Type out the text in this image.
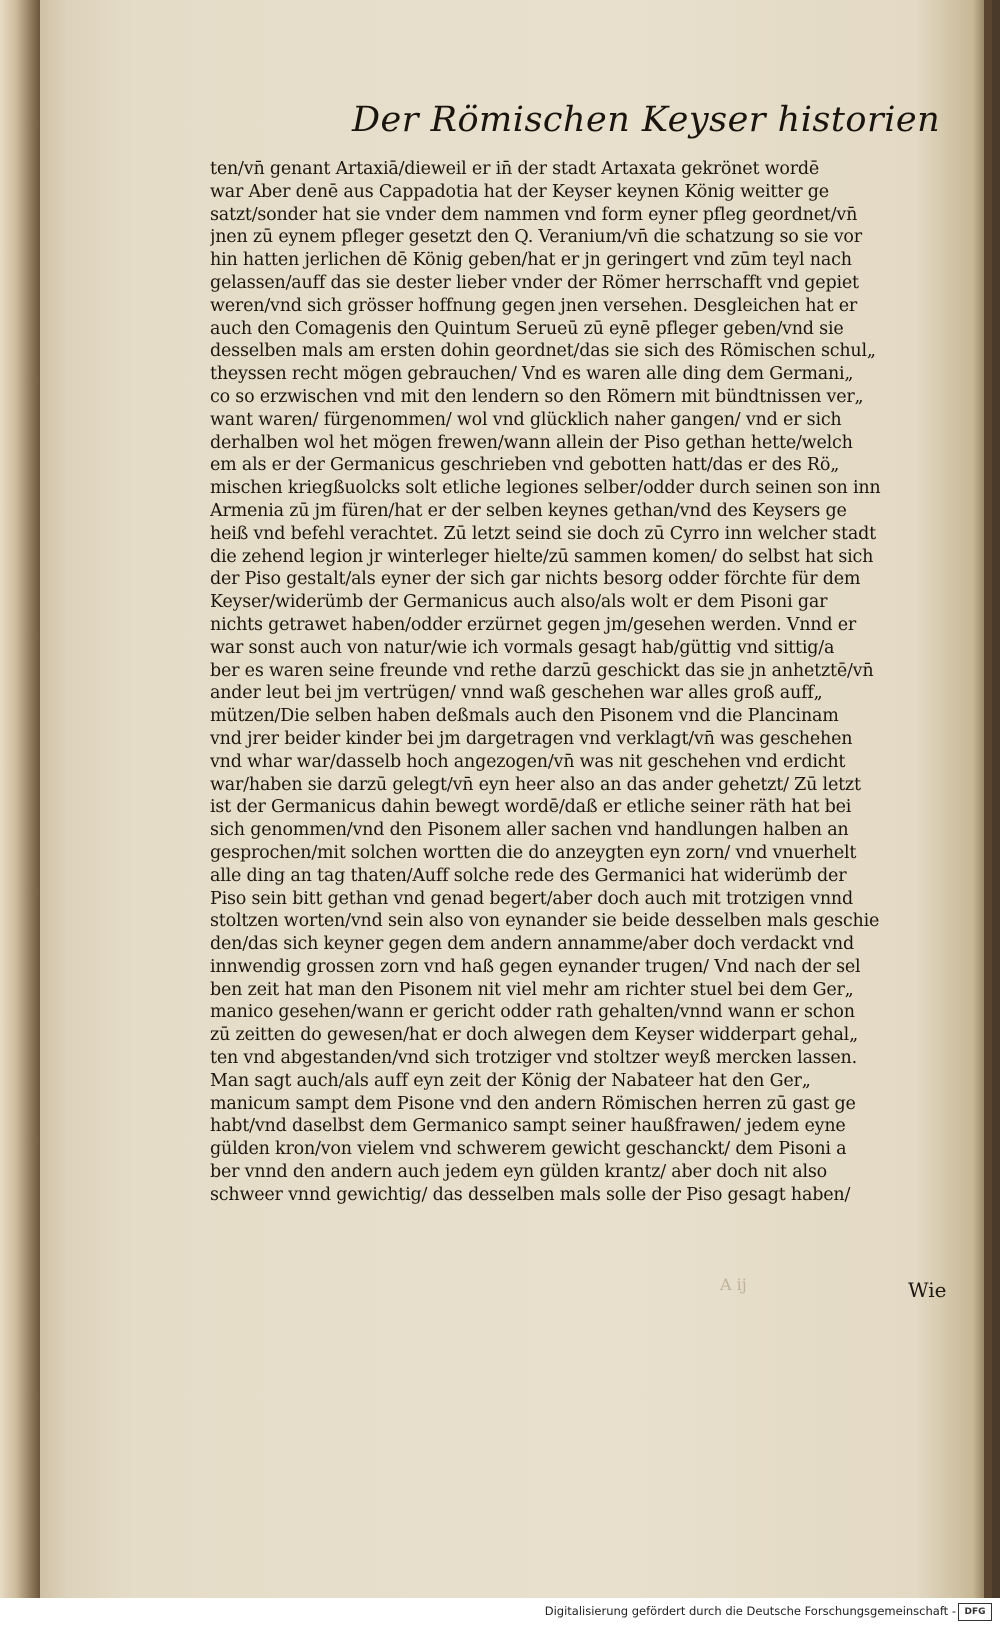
Der Römischen Keyser historien
ten/vn̄ genant Artaxiā/dieweil er in̄ der stadt Artaxata gekrönet wordē
war Aber denē aus Cappadotia hat der Keyser keynen König weitter ge
satzt/sonder hat sie vnder dem nammen vnd form eyner pfleg geordnet/vn̄
jnen zū eynem pfleger gesetzt den Q. Veranium/vn̄ die schatzung so sie vor
hin hatten jerlichen dē König geben/hat er jn geringert vnd zūm teyl nach
gelassen/auff das sie dester lieber vnder der Römer herrschafft vnd gepiet
weren/vnd sich grösser hoffnung gegen jnen versehen. Desgleichen hat er
auch den Comagenis den Quintum Serueū zū eynē pfleger geben/vnd sie
desselben mals am ersten dohin geordnet/das sie sich des Römischen schul„
theyssen recht mögen gebrauchen/ Vnd es waren alle ding dem Germani„
co so erzwischen vnd mit den lendern so den Römern mit bündtnissen ver„
want waren/ fürgenommen/ wol vnd glücklich naher gangen/ vnd er sich
derhalben wol het mögen frewen/wann allein der Piso gethan hette/welch
em als er der Germanicus geschrieben vnd gebotten hatt/das er des Rö„
mischen kriegßuolcks solt etliche legiones selber/odder durch seinen son inn
Armenia zū jm füren/hat er der selben keynes gethan/vnd des Keysers ge
heiß vnd befehl verachtet. Zū letzt seind sie doch zū Cyrro inn welcher stadt
die zehend legion jr winterleger hielte/zū sammen komen/ do selbst hat sich
der Piso gestalt/als eyner der sich gar nichts besorg odder förchte für dem
Keyser/widerümb der Germanicus auch also/als wolt er dem Pisoni gar
nichts getrawet haben/odder erzürnet gegen jm/gesehen werden. Vnnd er
war sonst auch von natur/wie ich vormals gesagt hab/güttig vnd sittig/a
ber es waren seine freunde vnd rethe darzū geschickt das sie jn anhetztē/vn̄
ander leut bei jm vertrügen/ vnnd waß geschehen war alles groß auff„
mützen/Die selben haben deßmals auch den Pisonem vnd die Plancinam
vnd jrer beider kinder bei jm dargetragen vnd verklagt/vn̄ was geschehen
vnd whar war/dasselb hoch angezogen/vn̄ was nit geschehen vnd erdicht
war/haben sie darzū gelegt/vn̄ eyn heer also an das ander gehetzt/ Zū letzt
ist der Germanicus dahin bewegt wordē/daß er etliche seiner räth hat bei
sich genommen/vnd den Pisonem aller sachen vnd handlungen halben an
gesprochen/mit solchen wortten die do anzeygten eyn zorn/ vnd vnuerhelt
alle ding an tag thaten/Auff solche rede des Germanici hat widerümb der
Piso sein bitt gethan vnd genad begert/aber doch auch mit trotzigen vnnd
stoltzen worten/vnd sein also von eynander sie beide desselben mals geschie
den/das sich keyner gegen dem andern annamme/aber doch verdackt vnd
innwendig grossen zorn vnd haß gegen eynander trugen/ Vnd nach der sel
ben zeit hat man den Pisonem nit viel mehr am richter stuel bei dem Ger„
manico gesehen/wann er gericht odder rath gehalten/vnnd wann er schon
zū zeitten do gewesen/hat er doch alwegen dem Keyser widderpart gehal„
ten vnd abgestanden/vnd sich trotziger vnd stoltzer weyß mercken lassen.
Man sagt auch/als auff eyn zeit der König der Nabateer hat den Ger„
manicum sampt dem Pisone vnd den andern Römischen herren zū gast ge
habt/vnd daselbst dem Germanico sampt seiner haußfrawen/ jedem eyne
gülden kron/von vielem vnd schwerem gewicht geschanckt/ dem Pisoni a
ber vnnd den andern auch jedem eyn gülden krantz/ aber doch nit also
schweer vnnd gewichtig/ das desselben mals solle der Piso gesagt haben/
A ij	Wie
Digitalisierung gefördert durch die Deutsche Forschungsgemeinschaft - DFG
